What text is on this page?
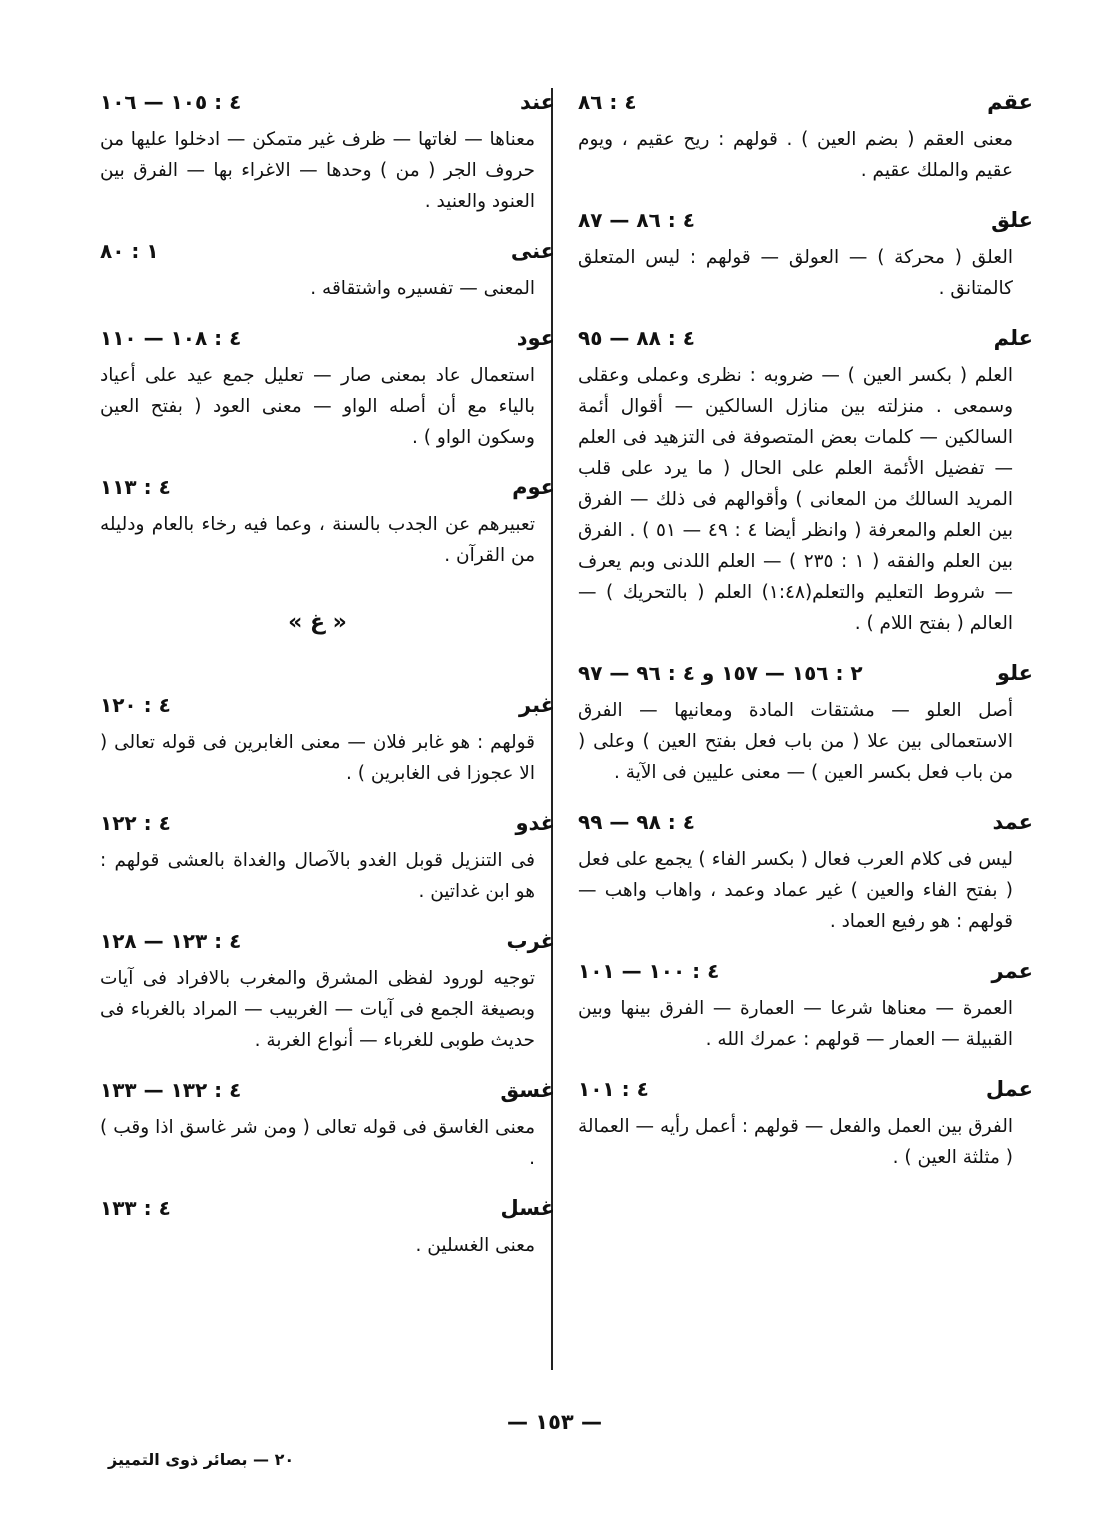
عقم
٤ : ٨٦

معنى العقم ( بضم العين ) . قولهم : ريح عقيم ، ويوم عقيم والملك عقيم .

علق
٤ : ٨٦ — ٨٧

العلق ( محركة ) — العولق — قولهم : ليس المتعلق كالمتانق .

علم
٤ : ٨٨ — ٩٥

العلم ( بكسر العين ) — ضروبه : نظرى وعملى وعقلى وسمعى . منزلته بين منازل السالكين — أقوال أئمة السالكين — كلمات بعض المتصوفة فى التزهيد فى العلم — تفضيل الأئمة العلم على الحال ( ما يرد على قلب المريد السالك من المعانى ) وأقوالهم فى ذلك — الفرق بين العلم والمعرفة ( وانظر أيضا ٤ : ٤٩ — ٥١ ) . الفرق بين العلم والفقه ( ١ : ٢٣٥ ) — العلم اللدنى وبم يعرف — شروط التعليم والتعلم(١:٤٨) العلم ( بالتحريك ) — العالم ( بفتح اللام ) .

علو
٢ : ١٥٦ — ١٥٧ و ٤ : ٩٦ — ٩٧

أصل العلو — مشتقات المادة ومعانيها — الفرق الاستعمالى بين علا ( من باب فعل بفتح العين ) وعلى ( من باب فعل بكسر العين ) — معنى عليين فى الآية .

عمد
٤ : ٩٨ — ٩٩

ليس فى كلام العرب فعال ( بكسر الفاء ) يجمع على فعل ( بفتح الفاء والعين ) غير عماد وعمد ، واهاب واهب — قولهم : هو رفيع العماد .

عمر
٤ : ١٠٠ — ١٠١

العمرة — معناها شرعا — العمارة — الفرق بينها وبين القبيلة — العمار — قولهم : عمرك الله .

عمل
٤ : ١٠١

الفرق بين العمل والفعل — قولهم : أعمل رأيه — العمالة ( مثلثة العين ) .

عند
٤ : ١٠٥ — ١٠٦

معناها — لغاتها — ظرف غير متمكن — ادخلوا عليها من حروف الجر ( من ) وحدها — الاغراء بها — الفرق بين العنود والعنيد .

عنى
١ : ٨٠

المعنى — تفسيره واشتقاقه .

عود
٤ : ١٠٨ — ١١٠

استعمال عاد بمعنى صار — تعليل جمع عيد على أعياد بالياء مع أن أصله الواو — معنى العود ( بفتح العين وسكون الواو ) .

عوم
٤ : ١١٣

تعبيرهم عن الجدب بالسنة ، وعما فيه رخاء بالعام ودليله من القرآن .

« غ »
غبر
٤ : ١٢٠

قولهم : هو غابر فلان — معنى الغابرين فى قوله تعالى ( الا عجوزا فى الغابرين ) .

غدو
٤ : ١٢٢

فى التنزيل قوبل الغدو بالآصال والغداة بالعشى قولهم : هو ابن غداتين .

غرب
٤ : ١٢٣ — ١٢٨

توجيه لورود لفظى المشرق والمغرب بالافراد فى آيات وبصيغة الجمع فى آيات — الغربيب — المراد بالغرباء فى حديث طوبى للغرباء — أنواع الغربة .

غسق
٤ : ١٣٢ — ١٣٣

معنى الغاسق فى قوله تعالى ( ومن شر غاسق اذا وقب ) .

غسل
٤ : ١٣٣

معنى الغسلين .

— ١٥٣ —
٢٠ — بصائر ذوى التمييز
